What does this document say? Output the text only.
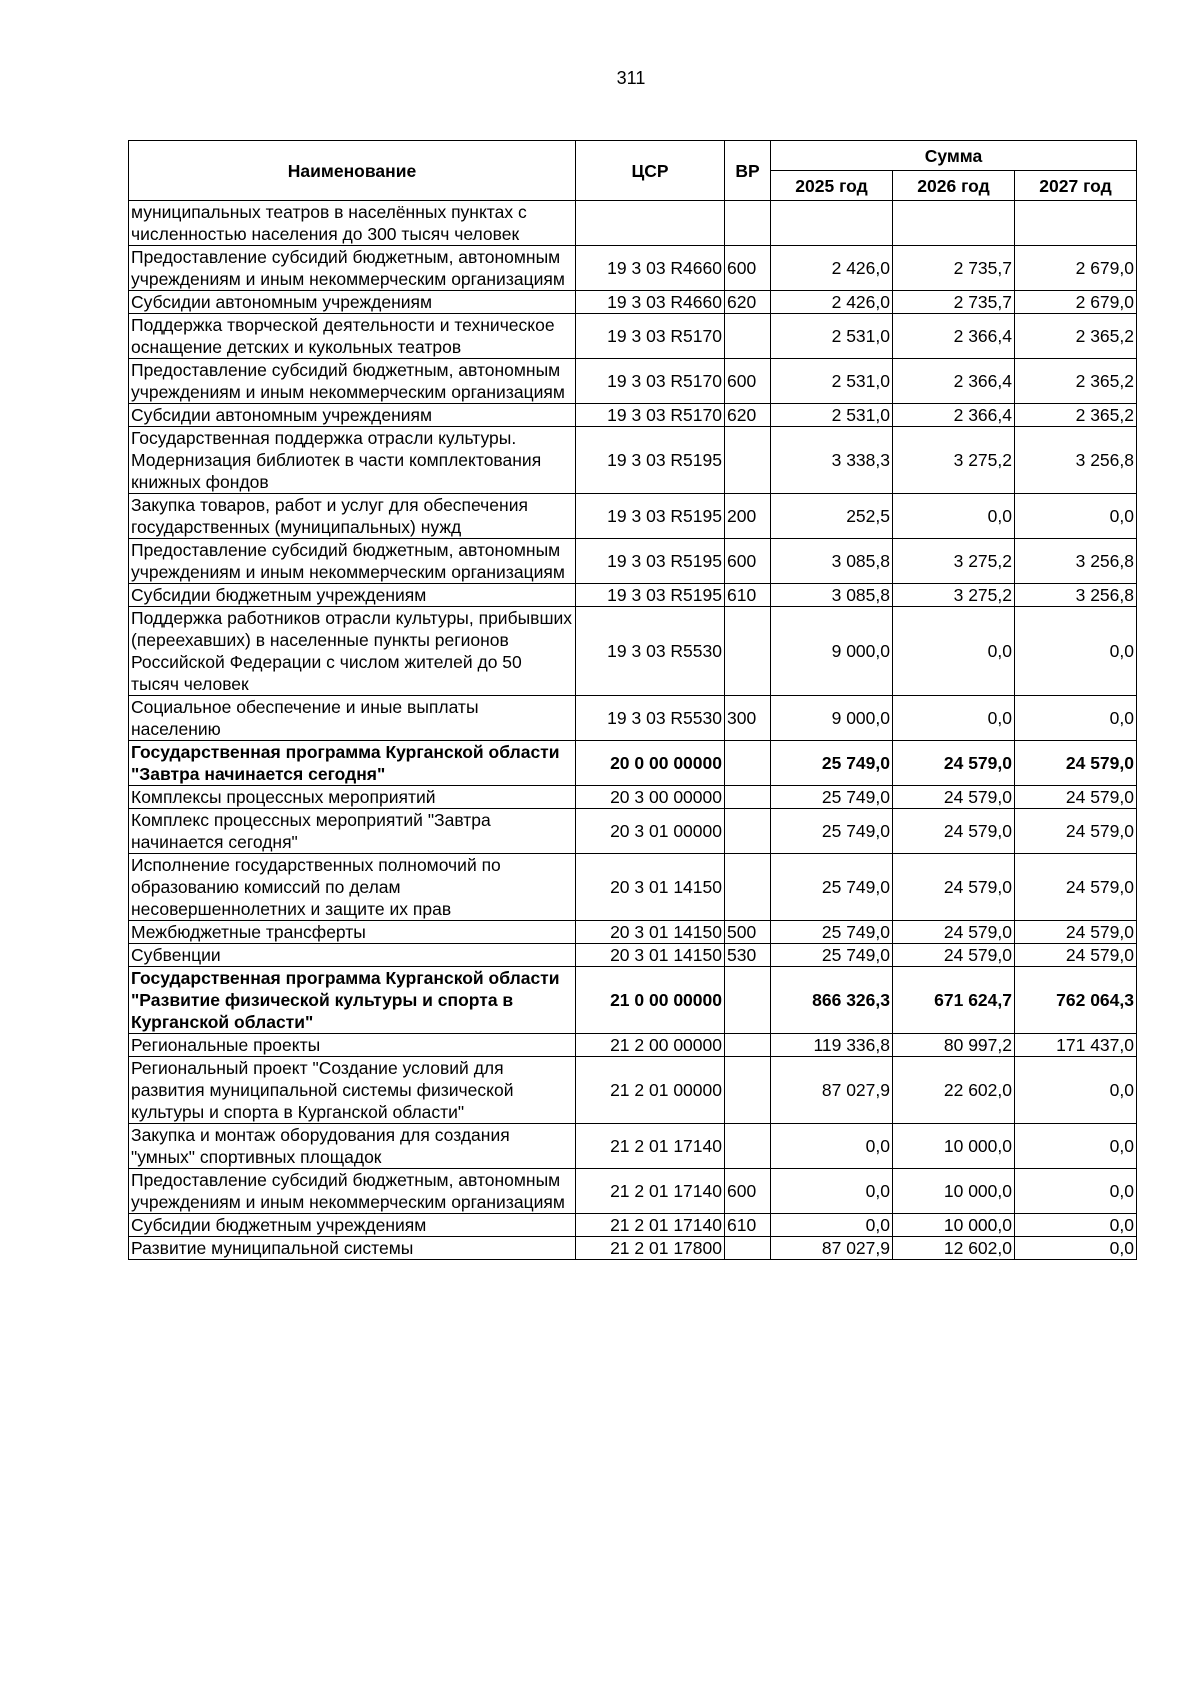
311
Наименование	ЦСР	ВР	Сумма		
			2025 год	2026 год	2027 год
муниципальных театров в населённых пунктах с численностью населения до 300 тысяч человек					
Предоставление субсидий бюджетным, автономным учреждениям и иным некоммерческим организациям	19 3 03 R4660	600	2 426,0	2 735,7	2 679,0
Субсидии автономным учреждениям	19 3 03 R4660	620	2 426,0	2 735,7	2 679,0
Поддержка творческой деятельности и техническое оснащение детских и кукольных театров	19 3 03 R5170		2 531,0	2 366,4	2 365,2
Предоставление субсидий бюджетным, автономным учреждениям и иным некоммерческим организациям	19 3 03 R5170	600	2 531,0	2 366,4	2 365,2
Субсидии автономным учреждениям	19 3 03 R5170	620	2 531,0	2 366,4	2 365,2
Государственная поддержка отрасли культуры. Модернизация библиотек в части комплектования книжных фондов	19 3 03 R5195		3 338,3	3 275,2	3 256,8
Закупка товаров, работ и услуг для обеспечения государственных (муниципальных) нужд	19 3 03 R5195	200	252,5	0,0	0,0
Предоставление субсидий бюджетным, автономным учреждениям и иным некоммерческим организациям	19 3 03 R5195	600	3 085,8	3 275,2	3 256,8
Субсидии бюджетным учреждениям	19 3 03 R5195	610	3 085,8	3 275,2	3 256,8
Поддержка работников отрасли культуры, прибывших (переехавших) в населенные пункты регионов Российской Федерации с числом жителей до 50 тысяч человек	19 3 03 R5530		9 000,0	0,0	0,0
Социальное обеспечение и иные выплаты населению	19 3 03 R5530	300	9 000,0	0,0	0,0
Государственная программа Курганской области "Завтра начинается сегодня"	20 0 00 00000		25 749,0	24 579,0	24 579,0
Комплексы процессных мероприятий	20 3 00 00000		25 749,0	24 579,0	24 579,0
Комплекс процессных мероприятий "Завтра начинается сегодня"	20 3 01 00000		25 749,0	24 579,0	24 579,0
Исполнение государственных полномочий по образованию комиссий по делам несовершеннолетних и защите их прав	20 3 01 14150		25 749,0	24 579,0	24 579,0
Межбюджетные трансферты	20 3 01 14150	500	25 749,0	24 579,0	24 579,0
Субвенции	20 3 01 14150	530	25 749,0	24 579,0	24 579,0
Государственная программа Курганской области "Развитие физической культуры и спорта в Курганской области"	21 0 00 00000		866 326,3	671 624,7	762 064,3
Региональные проекты	21 2 00 00000		119 336,8	80 997,2	171 437,0
Региональный проект "Создание условий для развития муниципальной системы физической культуры и спорта в Курганской области"	21 2 01 00000		87 027,9	22 602,0	0,0
Закупка и монтаж оборудования для создания "умных" спортивных площадок	21 2 01 17140		0,0	10 000,0	0,0
Предоставление субсидий бюджетным, автономным учреждениям и иным некоммерческим организациям	21 2 01 17140	600	0,0	10 000,0	0,0
Субсидии бюджетным учреждениям	21 2 01 17140	610	0,0	10 000,0	0,0
Развитие муниципальной системы	21 2 01 17800		87 027,9	12 602,0	0,0
